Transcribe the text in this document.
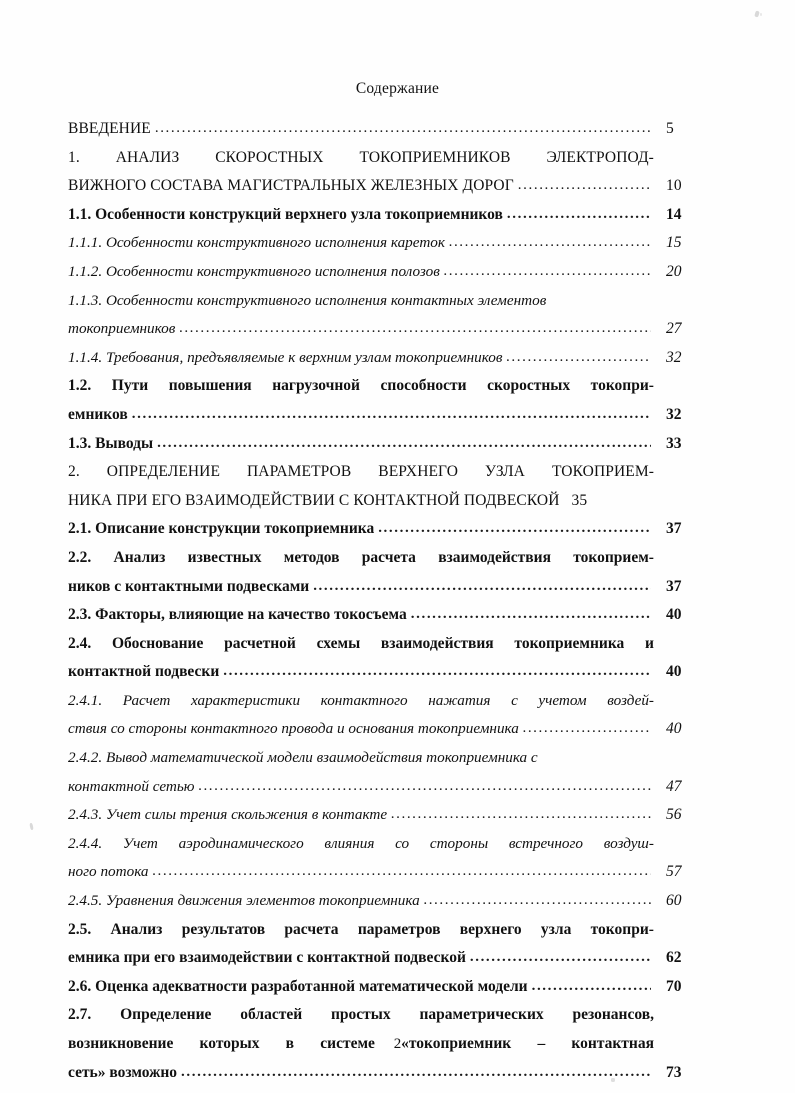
Содержание
ВВЕДЕНИЕ .....	5
1. АНАЛИЗ СКОРОСТНЫХ ТОКОПРИЕМНИКОВ ЭЛЕКТРОПОД-
ВИЖНОГО СОСТАВА МАГИСТРАЛЬНЫХ ЖЕЛЕЗНЫХ ДОРОГ .....	10
1.1. Особенности конструкций верхнего узла токоприемников .....	14
1.1.1. Особенности конструктивного исполнения кареток .....	15
1.1.2. Особенности конструктивного исполнения полозов .....	20
1.1.3. Особенности конструктивного исполнения контактных элементов
токоприемников .....	27
1.1.4. Требования, предъявляемые к верхним узлам токоприемников .....	32
1.2. Пути повышения нагрузочной способности скоростных токопри-
емников .....	32
1.3. Выводы .....	33
2. ОПРЕДЕЛЕНИЕ ПАРАМЕТРОВ ВЕРХНЕГО УЗЛА ТОКОПРИЕМ-
НИКА ПРИ ЕГО ВЗАИМОДЕЙСТВИИ С КОНТАКТНОЙ ПОДВЕСКОЙ 35
2.1. Описание конструкции токоприемника .....	37
2.2. Анализ известных методов расчета взаимодействия токоприем-
ников с контактными подвесками .....	37
2.3. Факторы, влияющие на качество токосъема .....	40
2.4. Обоснование расчетной схемы взаимодействия токоприемника и
контактной подвески .....	40
2.4.1. Расчет характеристики контактного нажатия с учетом воздей-
ствия со стороны контактного провода и основания токоприемника .....	40
2.4.2. Вывод математической модели взаимодействия токоприемника с
контактной сетью .....	47
2.4.3. Учет силы трения скольжения в контакте .....	56
2.4.4. Учет аэродинамического влияния со стороны встречного воздуш-
ного потока .....	57
2.4.5. Уравнения движения элементов токоприемника .....	60
2.5. Анализ результатов расчета параметров верхнего узла токопри-
емника при его взаимодействии с контактной подвеской .....	62
2.6. Оценка адекватности разработанной математической модели .....	70
2.7. Определение областей простых параметрических резонансов,
возникновение которых в системе «токоприемник – контактная
сеть» возможно .....	73
2
